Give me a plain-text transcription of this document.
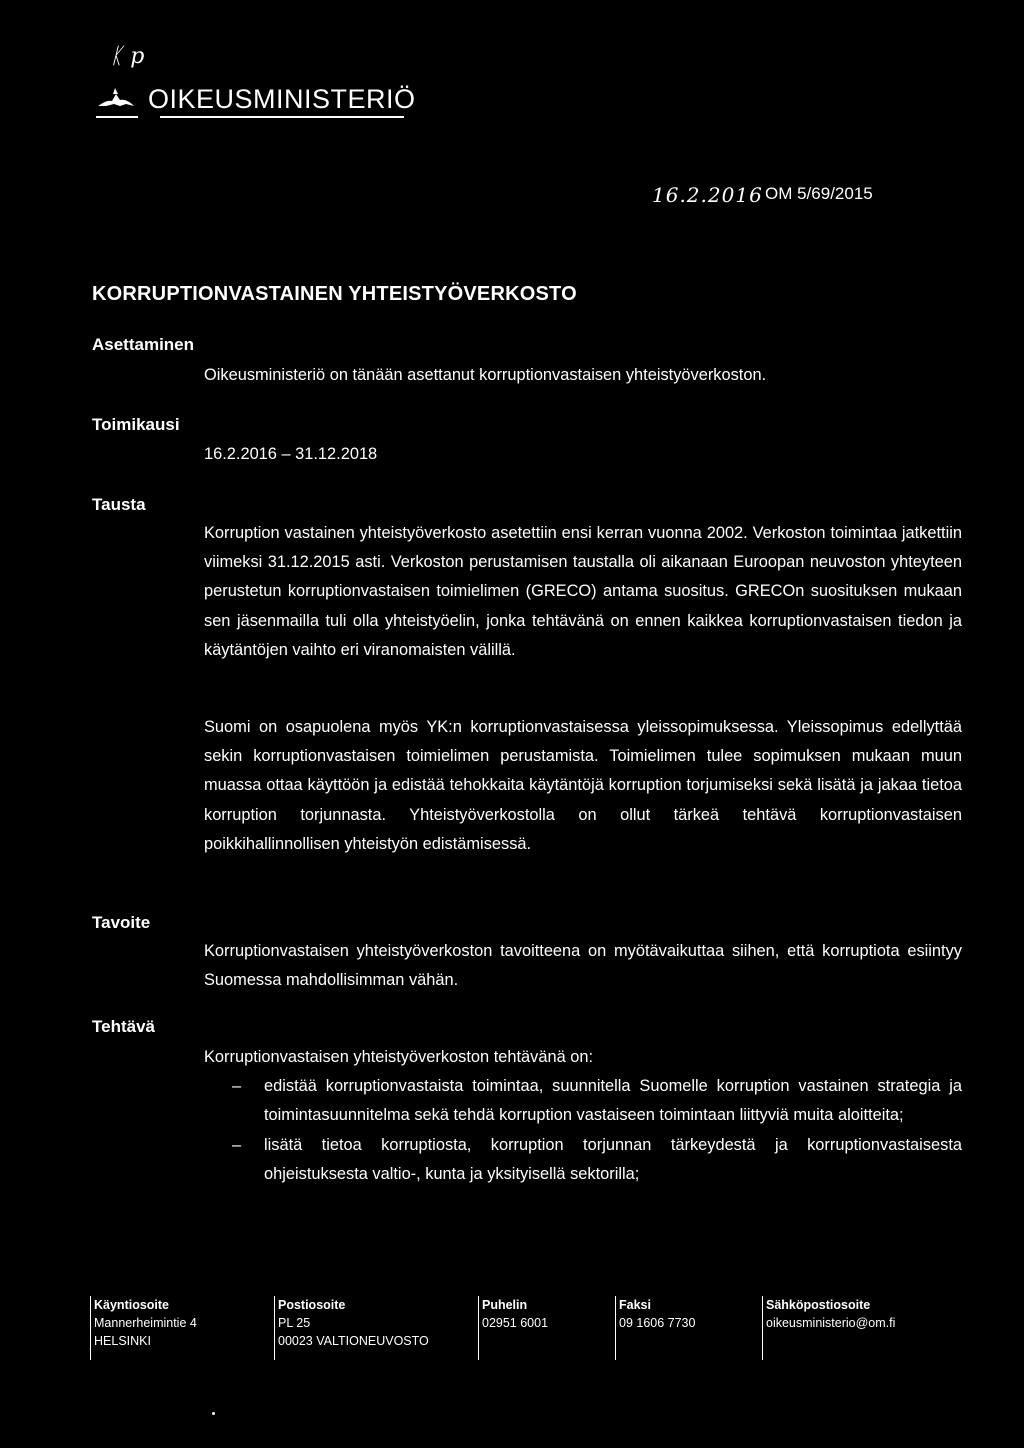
ᛕ p
OIKEUSMINISTERIÖ
16.2.2016 OM 5/69/2015
KORRUPTIONVASTAINEN YHTEISTYÖVERKOSTO
Asettaminen

Oikeusministeriö on tänään asettanut korruptionvastaisen yhteistyöverkoston.

Toimikausi

16.2.2016 – 31.12.2018

Tausta

Korruption vastainen yhteistyöverkosto asetettiin ensi kerran vuonna 2002. Verkoston toimintaa jatkettiin viimeksi 31.12.2015 asti. Verkoston perustamisen taustalla oli aikanaan Euroopan neuvoston yhteyteen perustetun korruptionvastaisen toimielimen (GRECO) antama suositus. GRECOn suosituksen mukaan sen jäsenmailla tuli olla yhteistyöelin, jonka tehtävänä on ennen kaikkea korruptionvastaisen tiedon ja käytäntöjen vaihto eri viranomaisten välillä.

Suomi on osapuolena myös YK:n korruptionvastaisessa yleissopimuksessa. Yleissopimus edellyttää sekin korruptionvastaisen toimielimen perustamista. Toimielimen tulee sopimuksen mukaan muun muassa ottaa käyttöön ja edistää tehokkaita käytäntöjä korruption torjumiseksi sekä lisätä ja jakaa tietoa korruption torjunnasta. Yhteistyöverkostolla on ollut tärkeä tehtävä korruptionvastaisen poikkihallinnollisen yhteistyön edistämisessä.

Tavoite

Korruptionvastaisen yhteistyöverkoston tavoitteena on myötävaikuttaa siihen, että korruptiota esiintyy Suomessa mahdollisimman vähän.

Tehtävä

Korruptionvastaisen yhteistyöverkoston tehtävänä on:

– edistää korruptionvastaista toimintaa, suunnitella Suomelle korruption vastainen strategia ja toimintasuunnitelma sekä tehdä korruption vastaiseen toimintaan liittyviä muita aloitteita;
– lisätä tietoa korruptiosta, korruption torjunnan tärkeydestä ja korruptionvastaisesta ohjeistuksesta valtio-, kunta ja yksityisellä sektorilla;
Käyntiosoite
Mannerheimintie 4
HELSINKI
Postiosoite
PL 25
00023 VALTIONEUVOSTO
Puhelin
02951 6001
Faksi
09 1606 7730
Sähköpostiosoite
oikeusministerio@om.fi
